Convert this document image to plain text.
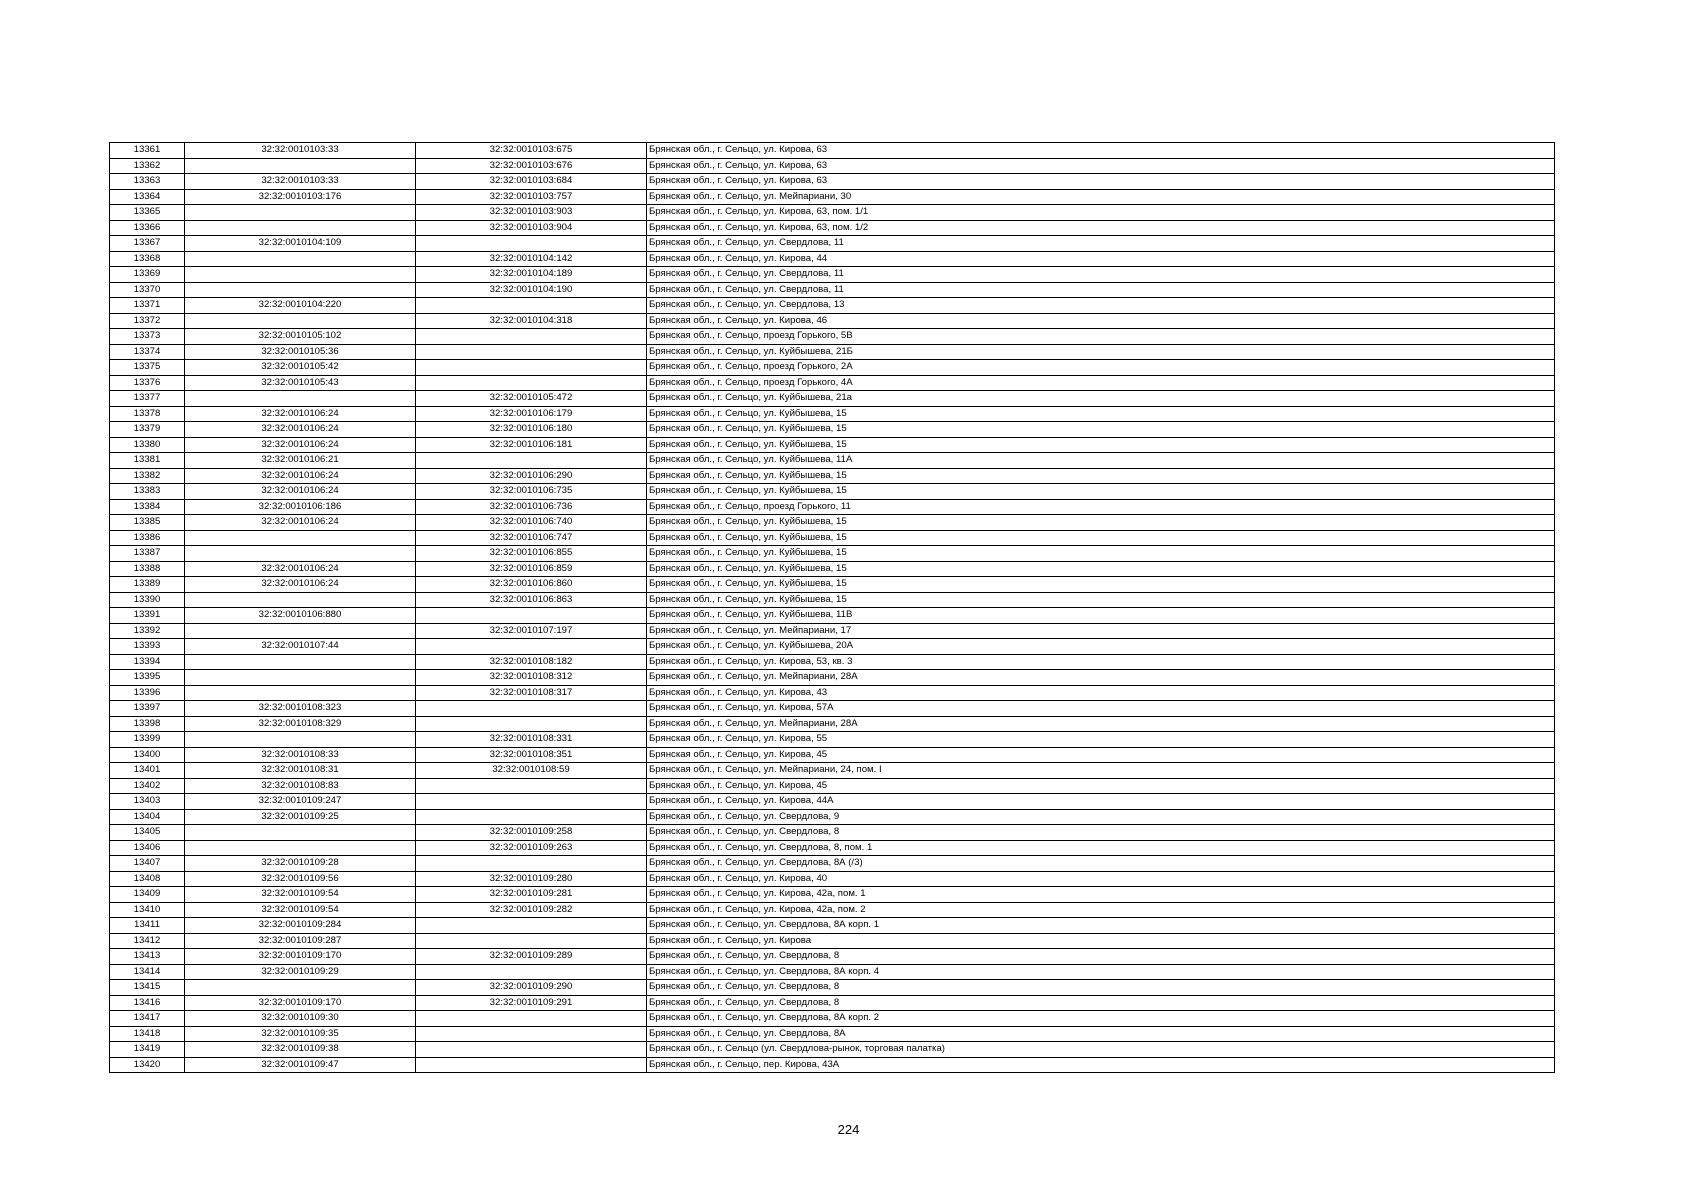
13361	32:32:0010103:33	32:32:0010103:675	Брянская обл., г. Сельцо, ул. Кирова, 63
13362		32:32:0010103:676	Брянская обл., г. Сельцо, ул. Кирова, 63
13363	32:32:0010103:33	32:32:0010103:684	Брянская обл., г. Сельцо, ул. Кирова, 63
13364	32:32:0010103:176	32:32:0010103:757	Брянская обл., г. Сельцо, ул. Мейпариани, 30
13365		32:32:0010103:903	Брянская обл., г. Сельцо, ул. Кирова, 63, пом. 1/1
13366		32:32:0010103:904	Брянская обл., г. Сельцо, ул. Кирова, 63, пом. 1/2
13367	32:32:0010104:109		Брянская обл., г. Сельцо, ул. Свердлова, 11
13368		32:32:0010104:142	Брянская обл., г. Сельцо, ул. Кирова, 44
13369		32:32:0010104:189	Брянская обл., г. Сельцо, ул. Свердлова, 11
13370		32:32:0010104:190	Брянская обл., г. Сельцо, ул. Свердлова, 11
13371	32:32:0010104:220		Брянская обл., г. Сельцо, ул. Свердлова, 13
13372		32:32:0010104:318	Брянская обл., г. Сельцо, ул. Кирова, 46
13373	32:32:0010105:102		Брянская обл., г. Сельцо, проезд Горького, 5В
13374	32:32:0010105:36		Брянская обл., г. Сельцо, ул. Куйбышева, 21Б
13375	32:32:0010105:42		Брянская обл., г. Сельцо, проезд Горького, 2А
13376	32:32:0010105:43		Брянская обл., г. Сельцо, проезд Горького, 4А
13377		32:32:0010105:472	Брянская обл., г. Сельцо, ул. Куйбышева, 21а
13378	32:32:0010106:24	32:32:0010106:179	Брянская обл., г. Сельцо, ул. Куйбышева, 15
13379	32:32:0010106:24	32:32:0010106:180	Брянская обл., г. Сельцо, ул. Куйбышева, 15
13380	32:32:0010106:24	32:32:0010106:181	Брянская обл., г. Сельцо, ул. Куйбышева, 15
13381	32:32:0010106:21		Брянская обл., г. Сельцо, ул. Куйбышева, 11А
13382	32:32:0010106:24	32:32:0010106:290	Брянская обл., г. Сельцо, ул. Куйбышева, 15
13383	32:32:0010106:24	32:32:0010106:735	Брянская обл., г. Сельцо, ул. Куйбышева, 15
13384	32:32:0010106:186	32:32:0010106:736	Брянская обл., г. Сельцо, проезд Горького, 11
13385	32:32:0010106:24	32:32:0010106:740	Брянская обл., г. Сельцо, ул. Куйбышева, 15
13386		32:32:0010106:747	Брянская обл., г. Сельцо, ул. Куйбышева, 15
13387		32:32:0010106:855	Брянская обл., г. Сельцо, ул. Куйбышева, 15
13388	32:32:0010106:24	32:32:0010106:859	Брянская обл., г. Сельцо, ул. Куйбышева, 15
13389	32:32:0010106:24	32:32:0010106:860	Брянская обл., г. Сельцо, ул. Куйбышева, 15
13390		32:32:0010106:863	Брянская обл., г. Сельцо, ул. Куйбышева, 15
13391	32:32:0010106:880		Брянская обл., г. Сельцо, ул. Куйбышева, 11В
13392		32:32:0010107:197	Брянская обл., г. Сельцо, ул. Мейпариани, 17
13393	32:32:0010107:44		Брянская обл., г. Сельцо, ул. Куйбышева, 20А
13394		32:32:0010108:182	Брянская обл., г. Сельцо, ул. Кирова, 53, кв. 3
13395		32:32:0010108:312	Брянская обл., г. Сельцо, ул. Мейпариани, 28А
13396		32:32:0010108:317	Брянская обл., г. Сельцо, ул. Кирова, 43
13397	32:32:0010108:323		Брянская обл., г. Сельцо, ул. Кирова, 57А
13398	32:32:0010108:329		Брянская обл., г. Сельцо, ул. Мейпариани, 28А
13399		32:32:0010108:331	Брянская обл., г. Сельцо, ул. Кирова, 55
13400	32:32:0010108:33	32:32:0010108:351	Брянская обл., г. Сельцо, ул. Кирова, 45
13401	32:32:0010108:31	32:32:0010108:59	Брянская обл., г. Сельцо, ул. Мейпариани, 24, пом. I
13402	32:32:0010108:83		Брянская обл., г. Сельцо, ул. Кирова, 45
13403	32:32:0010109:247		Брянская обл., г. Сельцо, ул. Кирова, 44А
13404	32:32:0010109:25		Брянская обл., г. Сельцо, ул. Свердлова, 9
13405		32:32:0010109:258	Брянская обл., г. Сельцо, ул. Свердлова, 8
13406		32:32:0010109:263	Брянская обл., г. Сельцо, ул. Свердлова, 8, пом. 1
13407	32:32:0010109:28		Брянская обл., г. Сельцо, ул. Свердлова, 8А (/3)
13408	32:32:0010109:56	32:32:0010109:280	Брянская обл., г. Сельцо, ул. Кирова, 40
13409	32:32:0010109:54	32:32:0010109:281	Брянская обл., г. Сельцо, ул. Кирова, 42а, пом. 1
13410	32:32:0010109:54	32:32:0010109:282	Брянская обл., г. Сельцо, ул. Кирова, 42а, пом. 2
13411	32:32:0010109:284		Брянская обл., г. Сельцо, ул. Свердлова, 8А корп. 1
13412	32:32:0010109:287		Брянская обл., г. Сельцо, ул. Кирова
13413	32:32:0010109:170	32:32:0010109:289	Брянская обл., г. Сельцо, ул. Свердлова, 8
13414	32:32:0010109:29		Брянская обл., г. Сельцо, ул. Свердлова, 8А корп. 4
13415		32:32:0010109:290	Брянская обл., г. Сельцо, ул. Свердлова, 8
13416	32:32:0010109:170	32:32:0010109:291	Брянская обл., г. Сельцо, ул. Свердлова, 8
13417	32:32:0010109:30		Брянская обл., г. Сельцо, ул. Свердлова, 8А корп. 2
13418	32:32:0010109:35		Брянская обл., г. Сельцо, ул. Свердлова, 8А
13419	32:32:0010109:38		Брянская обл., г. Сельцо (ул. Свердлова-рынок, торговая палатка)
13420	32:32:0010109:47		Брянская обл., г. Сельцо, пер. Кирова, 43А
224
